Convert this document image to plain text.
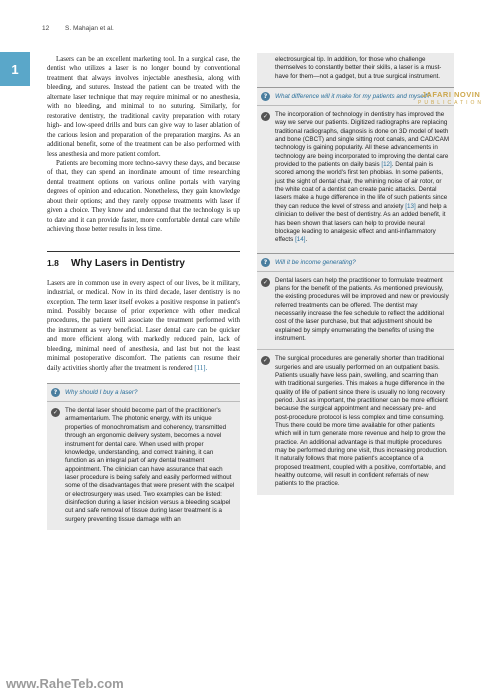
12 S. Mahajan et al.
1

Lasers can be an excellent marketing tool. In a surgical case, the dentist who utilizes a laser is no longer bound by conventional treatment that always involves injectable anesthesia, along with bleeding, and sutures. Instead the patient can be treated with the alternate laser technique that may require minimal or no anesthesia, with no bleeding, and minimal to no suturing. Similarly, for restorative dentistry, the traditional cavity preparation with rotary high- and low-speed drills and burs can give way to laser ablation of the carious lesion and preparation of the preparation margins. As an additional benefit, some of the treatment can be also performed with less anesthesia and more patient comfort.

Patients are becoming more techno-savvy these days, and because of that, they can spend an inordinate amount of time researching dental treatment options on various online portals with varying degrees of opinion and education. Nonetheless, they gain knowledge about their options; and they rarely oppose treatments with laser if given a choice. They know and understand that the technology is up to date and it can provide faster, more comfortable dental care while achieving those better results in less time.

1.8 Why Lasers in Dentistry

Lasers are in common use in every aspect of our lives, be it military, industrial, or medical. Now in its third decade, laser dentistry is no exception. The term laser itself evokes a positive response in patient's mind. Possibly because of prior experience with other medical procedures, the patient will associate the treatment performed with the instrument as very beneficial. Laser dental care can be quicker and more efficient along with markedly reduced pain, lack of bleeding, minimal need of anesthesia, and last but not the least minimal postoperative discomfort. The patients can resume their daily activities shortly after the treatment is rendered [11].

?	Why should I buy a laser?
✓	The dental laser should become part of the practitioner's armamentarium. The photonic energy, with its unique properties of monochromatism and coherency, transmitted through an ergonomic delivery system, becomes a novel instrument for dental care. When used with proper knowledge, understanding, and correct training, it can function as an integral part of any dental treatment appointment. The clinician can have assurance that each laser procedure is being safely and easily performed without some of the disadvantages that were present with the scalpel or electrosurgery was used. Two examples can be listed: disinfection during a laser incision versus a bleeding scalpel cut and safe removal of tissue during laser treatment is a surgery preventing tissue damage with an
electrosurgical tip. In addition, for those who challenge themselves to constantly better their skills, a laser is a must-have for them—not a gadget, but a true surgical instrument.
?	What difference will it make for my patients and myself?
✓	The incorporation of technology in dentistry has improved the way we serve our patients. Digitized radiographs are replacing traditional radiographs, diagnosis is done on 3D model of teeth and bone (CBCT) and single sitting root canals, and CAD/CAM technology is gaining popularity. All these advancements in technology are being incorporated to improving the dental care provided to the patients on daily basis [12]. Dental pain is scored among the world's first ten phobias. In some patients, just the sight of dental chair, the whining noise of air rotor, or the white coat of a dentist can create panic attacks. Dental lasers make a huge difference in the life of such patients since they can reduce the level of stress and anxiety [13] and help a clinician to deliver the best of dentistry. As an added benefit, it has been shown that lasers can help to provide neural blockage leading to analgesic effect and anti-inflammatory effects [14].
?	Will it be income generating?
✓	Dental lasers can help the practitioner to formulate treatment plans for the benefit of the patients. As mentioned previously, the existing procedures will be improved and new or previously referred treatments can be offered. The dentist may necessarily increase the fee schedule to reflect the additional cost of the laser purchase, but that adjustment should be explained by simply enumerating the benefits of using the instrument.
✓	The surgical procedures are generally shorter than traditional surgeries and are usually performed on an outpatient basis. Patients usually have less pain, swelling, and scarring than with traditional surgeries. This makes a huge difference in the quality of life of patient since there is usually no long recovery period. Just as important, the practitioner can be more efficient because the surgical appointment and necessary pre- and post-procedure protocol is less complex and time consuming. Thus there could be more time available for other patients which will in turn generate more revenue and help to grow the practice. An additional advantage is that multiple procedures may be performed during one visit, thus increasing production. It naturally follows that more patient's acceptance of a proposed treatment, coupled with a positive, comfortable, and healthy outcome, will result in confident referrals of new patients to the practice.
JAFARI NOVIN
PUBLICATION
www.RaheTeb.com
